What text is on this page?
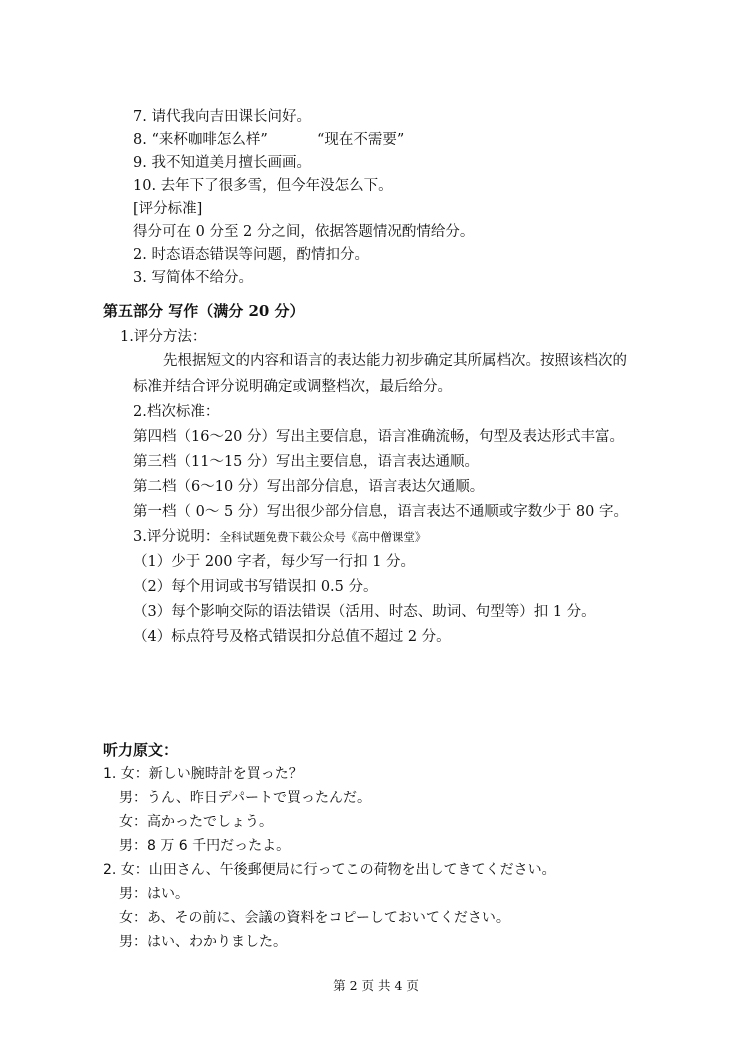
7. 请代我向吉田课长问好。
8. “来杯咖啡怎么样”	“现在不需要”
9. 我不知道美月擅长画画。
10. 去年下了很多雪，但今年没怎么下。
[评分标准]
得分可在 0 分至 2 分之间，依据答题情况酌情给分。
2. 时态语态错误等问题，酌情扣分。
3. 写简体不给分。
第五部分 写作（满分 20 分）
1.评分方法：
先根据短文的内容和语言的表达能力初步确定其所属档次。按照该档次的
标准并结合评分说明确定或调整档次，最后给分。
2.档次标准：
第四档（16～20 分）写出主要信息，语言准确流畅，句型及表达形式丰富。
第三档（11～15 分）写出主要信息，语言表达通顺。
第二档（6～10 分）写出部分信息，语言表达欠通顺。
第一档（ 0～ 5 分）写出很少部分信息，语言表达不通顺或字数少于 80 字。
3.评分说明：全科试题免费下载公众号《高中僧课堂》
（1）少于 200 字者，每少写一行扣 1 分。
（2）每个用词或书写错误扣 0.5 分。
（3）每个影响交际的语法错误（活用、时态、助词、句型等）扣 1 分。
（4）标点符号及格式错误扣分总值不超过 2 分。
听力原文：
1. 女：新しい腕時計を買った？
男：うん、昨日デパートで買ったんだ。
女：高かったでしょう。
男：8 万 6 千円だったよ。
2. 女：山田さん、午後郵便局に行ってこの荷物を出してきてください。
男：はい。
女：あ、その前に、会議の資料をコピーしておいてください。
男：はい、わかりました。
第 2 页 共 4 页
